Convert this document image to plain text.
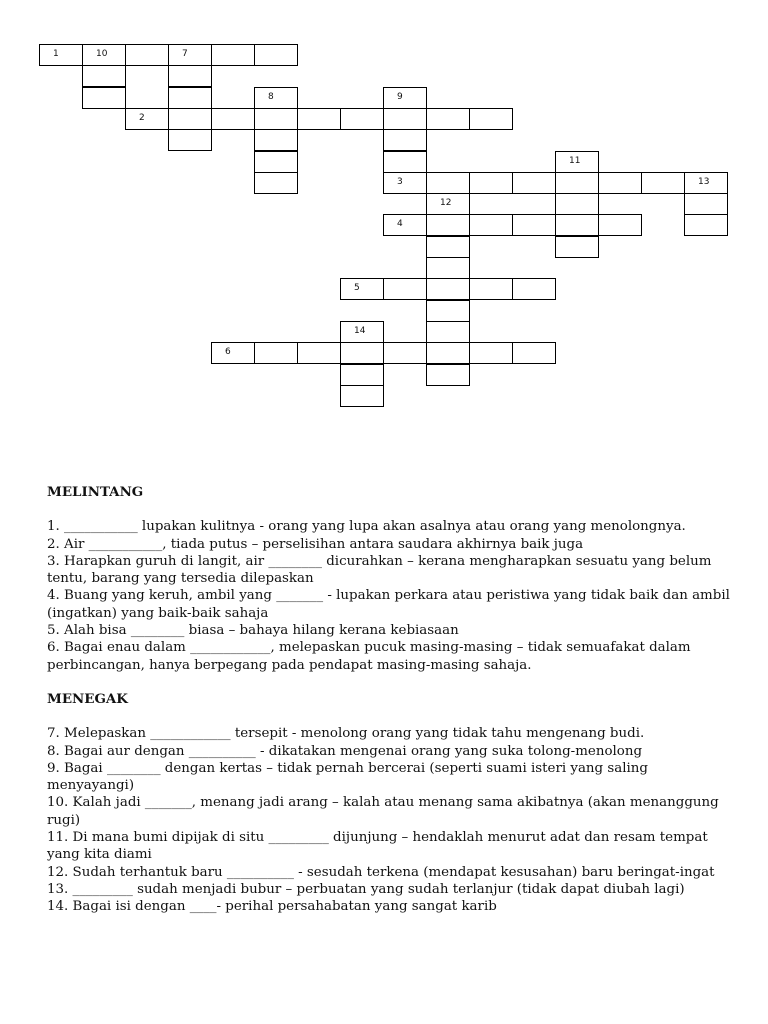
1	10	7
8	9
2
11
3	13
12
4
5
14
6

MELINTANG

1. ___________ lupakan kulitnya - orang yang lupa akan asalnya atau orang yang menolongnya.

2. Air ___________, tiada putus – perselisihan antara saudara akhirnya baik juga

3. Harapkan guruh di langit, air ________ dicurahkan – kerana mengharapkan sesuatu yang belum tentu, barang yang tersedia dilepaskan

4. Buang yang keruh, ambil yang _______ - lupakan perkara atau peristiwa yang tidak baik dan ambil (ingatkan) yang baik-baik sahaja

5. Alah bisa ________ biasa – bahaya hilang kerana kebiasaan

6. Bagai enau dalam ____________, melepaskan pucuk masing-masing – tidak semuafakat dalam perbincangan, hanya berpegang pada pendapat masing-masing sahaja.

MENEGAK

7. Melepaskan ____________ tersepit - menolong orang yang tidak tahu mengenang budi.

8. Bagai aur dengan __________ - dikatakan mengenai orang yang suka tolong-menolong

9. Bagai ________ dengan kertas – tidak pernah bercerai (seperti suami isteri yang saling menyayangi)

10. Kalah jadi _______, menang jadi arang – kalah atau menang sama akibatnya (akan menanggung rugi)

11. Di mana bumi dipijak di situ _________ dijunjung – hendaklah menurut adat dan resam tempat yang kita diami

12. Sudah terhantuk baru __________ - sesudah terkena (mendapat kesusahan) baru beringat-ingat

13. _________ sudah menjadi bubur – perbuatan yang sudah terlanjur (tidak dapat diubah lagi)

14. Bagai isi dengan ____- perihal persahabatan yang sangat karib
